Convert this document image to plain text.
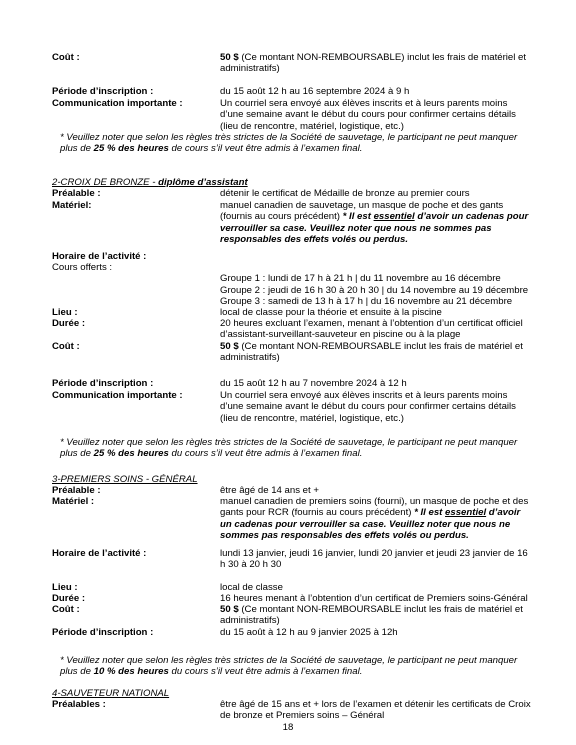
Coût :	50 $ (Ce montant NON-REMBOURSABLE) inclut les frais de matériel et administratifs)
Période d’inscription :	du 15 août 12 h au 16 septembre 2024 à 9 h
Communication importante :	Un courriel sera envoyé aux élèves inscrits et à leurs parents moins d’une semaine avant le début du cours pour confirmer certains détails (lieu de rencontre, matériel, logistique, etc.)
* Veuillez noter que selon les règles très strictes de la Société de sauvetage, le participant ne peut manquer plus de 25 % des heures de cours s’il veut être admis à l’examen final.
2-CROIX DE BRONZE - diplôme d’assistant
Préalable :	détenir le certificat de Médaille de bronze au premier cours
Matériel:	manuel canadien de sauvetage, un masque de poche et des gants (fournis au cours précédent) * Il est essentiel d’avoir un cadenas pour verrouiller sa case. Veuillez noter que nous ne sommes pas responsables des effets volés ou perdus.
Horaire de l’activité :
Cours offerts :
Groupe 1 : lundi de 17 h à 21 h | du 11 novembre au 16 décembre
Groupe 2 : jeudi de 16 h 30 à 20 h 30 | du 14 novembre au 19 décembre
Groupe 3 : samedi de 13 h à 17 h | du 16 novembre au 21 décembre
Lieu :	local de classe pour la théorie et ensuite à la piscine
Durée :	20 heures excluant l’examen, menant à l’obtention d’un certificat officiel d’assistant-surveillant-sauveteur en piscine ou à la plage
Coût :	50 $ (Ce montant NON-REMBOURSABLE inclut les frais de matériel et administratifs)
Période d’inscription :	du 15 août 12 h au 7 novembre 2024 à 12 h
Communication importante :	Un courriel sera envoyé aux élèves inscrits et à leurs parents moins d’une semaine avant le début du cours pour confirmer certains détails (lieu de rencontre, matériel, logistique, etc.)
* Veuillez noter que selon les règles très strictes de la Société de sauvetage, le participant ne peut manquer plus de 25 % des heures du cours s’il veut être admis à l’examen final.
3-PREMIERS SOINS - GÉNÉRAL
Préalable :	être âgé de 14 ans et +
Matériel :	manuel canadien de premiers soins (fourni), un masque de poche et des gants pour RCR (fournis au cours précédent) * Il est essentiel d’avoir un cadenas pour verrouiller sa case. Veuillez noter que nous ne sommes pas responsables des effets volés ou perdus.
Horaire de l’activité :	lundi 13 janvier, jeudi 16 janvier, lundi 20 janvier et jeudi 23 janvier de 16 h 30 à 20 h 30
Lieu :	local de classe
Durée :	16 heures menant à l’obtention d’un certificat de Premiers soins-Général
Coût :	50 $ (Ce montant NON-REMBOURSABLE inclut les frais de matériel et administratifs)
Période d’inscription :	du 15 août à 12 h au 9 janvier 2025 à 12h
* Veuillez noter que selon les règles très strictes de la Société de sauvetage, le participant ne peut manquer plus de 10 % des heures du cours s’il veut être admis à l’examen final.
4-SAUVETEUR NATIONAL
Préalables :	être âgé de 15 ans et + lors de l’examen et détenir les certificats de Croix de bronze et Premiers soins – Général
18
